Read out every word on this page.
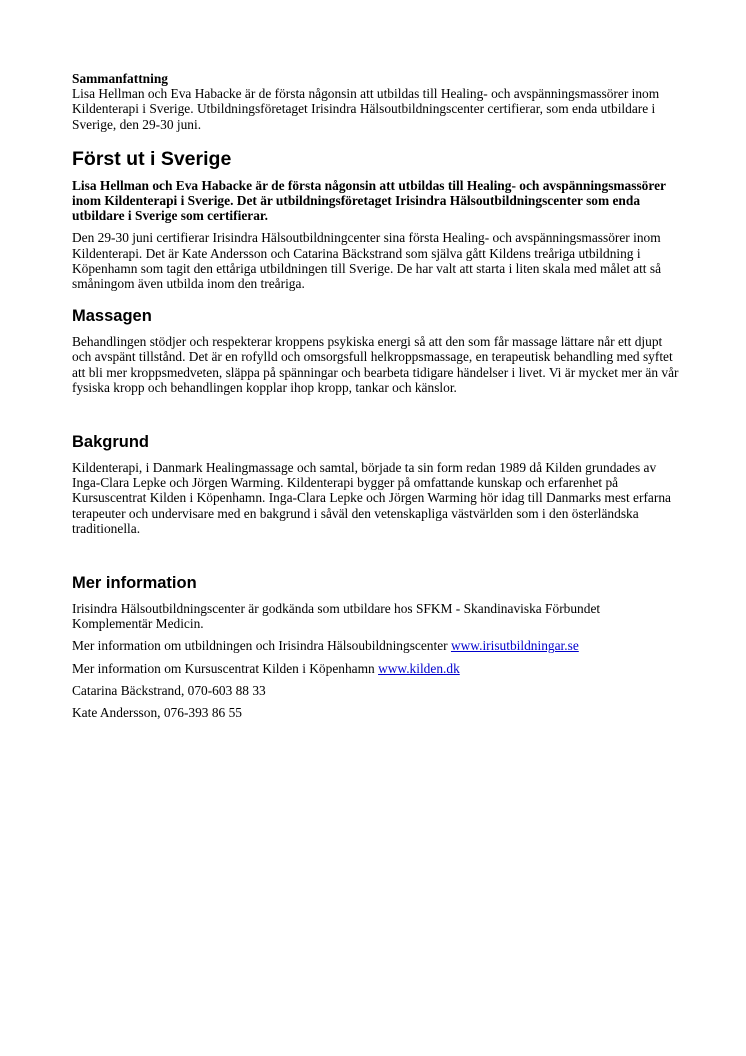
Sammanfattning

Lisa Hellman och Eva Habacke är de första någonsin att utbildas till Healing- och avspänningsmassörer inom Kildenterapi i Sverige. Utbildningsföretaget Irisindra Hälsoutbildningscenter certifierar, som enda utbildare i Sverige, den 29-30 juni.

Först ut i Sverige

Lisa Hellman och Eva Habacke är de första någonsin att utbildas till Healing- och avspänningsmassörer inom Kildenterapi i Sverige. Det är utbildningsföretaget Irisindra Hälsoutbildningscenter som enda utbildare i Sverige som certifierar.

Den 29-30 juni certifierar Irisindra Hälsoutbildningcenter sina första Healing- och avspänningsmassörer inom Kildenterapi. Det är Kate Andersson och Catarina Bäckstrand som själva gått Kildens treåriga utbildning i Köpenhamn som tagit den ettåriga utbildningen till Sverige. De har valt att starta i liten skala med målet att så småningom även utbilda inom den treåriga.

Massagen

Behandlingen stödjer och respekterar kroppens psykiska energi så att den som får massage lättare når ett djupt och avspänt tillstånd. Det är en rofylld och omsorgsfull helkroppsmassage, en terapeutisk behandling med syftet att bli mer kroppsmedveten, släppa på spänningar och bearbeta tidigare händelser i livet. Vi är mycket mer än vår fysiska kropp och behandlingen kopplar ihop kropp, tankar och känslor.

Bakgrund

Kildenterapi, i Danmark Healingmassage och samtal, började ta sin form redan 1989 då Kilden grundades av Inga-Clara Lepke och Jörgen Warming. Kildenterapi bygger på omfattande kunskap och erfarenhet på Kursuscentrat Kilden i Köpenhamn. Inga-Clara Lepke och Jörgen Warming hör idag till Danmarks mest erfarna terapeuter och undervisare med en bakgrund i såväl den vetenskapliga västvärlden som i den österländska traditionella.

Mer information

Irisindra Hälsoutbildningscenter är godkända som utbildare hos SFKM - Skandinaviska Förbundet Komplementär Medicin.

Mer information om utbildningen och Irisindra Hälsoubildningscenter www.irisutbildningar.se

Mer information om Kursuscentrat Kilden i Köpenhamn www.kilden.dk

Catarina Bäckstrand, 070-603 88 33

Kate Andersson, 076-393 86 55
